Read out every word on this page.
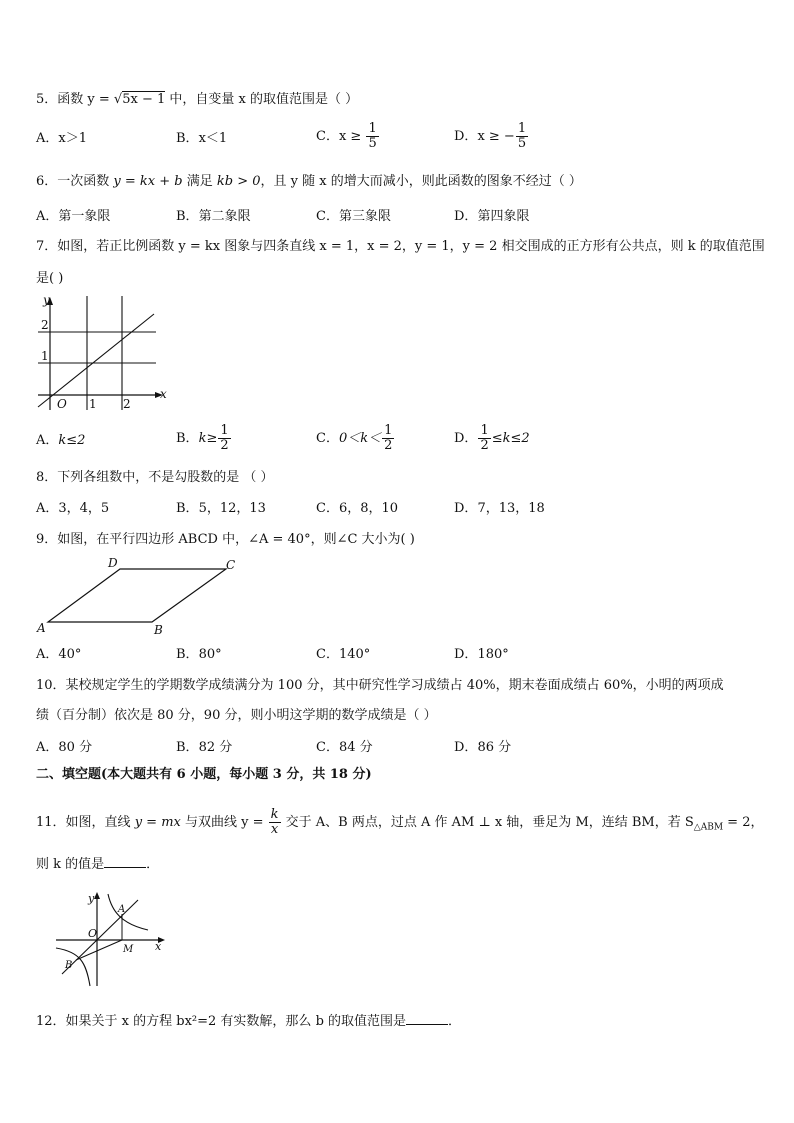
5．函数 y = √5x − 1 中，自变量 x 的取值范围是（ ）
A．x＞1	B．x＜1	C．$x \ge \frac{1}{5}$	D．x ≥ − $\frac{1}{5}$
6．一次函数 y = kx + b 满足 kb > 0，且 y 随 x 的增大而减小，则此函数的图象不经过（ ）
A．第一象限	B．第二象限	C．第三象限	D．第四象限
7．如图，若正比例函数 y = kx 图象与四条直线 x = 1，x = 2，y = 1，y = 2 相交围成的正方形有公共点，则 k 的取值范围
是( )
y
x
O 1 2
1
2
A．k≤2	B．$k\ge \frac{1}{2}$	C．$0<k< \frac{1}{2}$	D． $\frac{1}{2} \le k\le 2$
8．下列各组数中，不是勾股数的是 （ ）
A．3，4，5	B．5，12，13	C．6，8，10	D．7，13，18
9．如图，在平行四边形 ABCD 中，∠A = 40°，则∠C 大小为( )
A	B
C
D
A．40°	B．80°	C．140°	D．180°
10．某校规定学生的学期数学成绩满分为 100 分，其中研究性学习成绩占 40%，期末卷面成绩占 60%，小明的两项成
绩（百分制）依次是 80 分，90 分，则小明这学期的数学成绩是（ ）
A．80 分	B．82 分	C．84 分	D．86 分
二、填空题(本大题共有 6 小题，每小题 3 分，共 18 分)
11．如图，直线 y = mx 与双曲线 $y = \frac{k}{x}$ 交于 A、B 两点，过点 A 作 AM ⊥ x 轴，垂足为 M，连结 BM，若 $S_{\triangle ABM} = 2$，
则 k 的值是	．
y
x
O
A
B
M
12．如果关于 x 的方程 bx²=2 有实数解，那么 b 的取值范围是	．
